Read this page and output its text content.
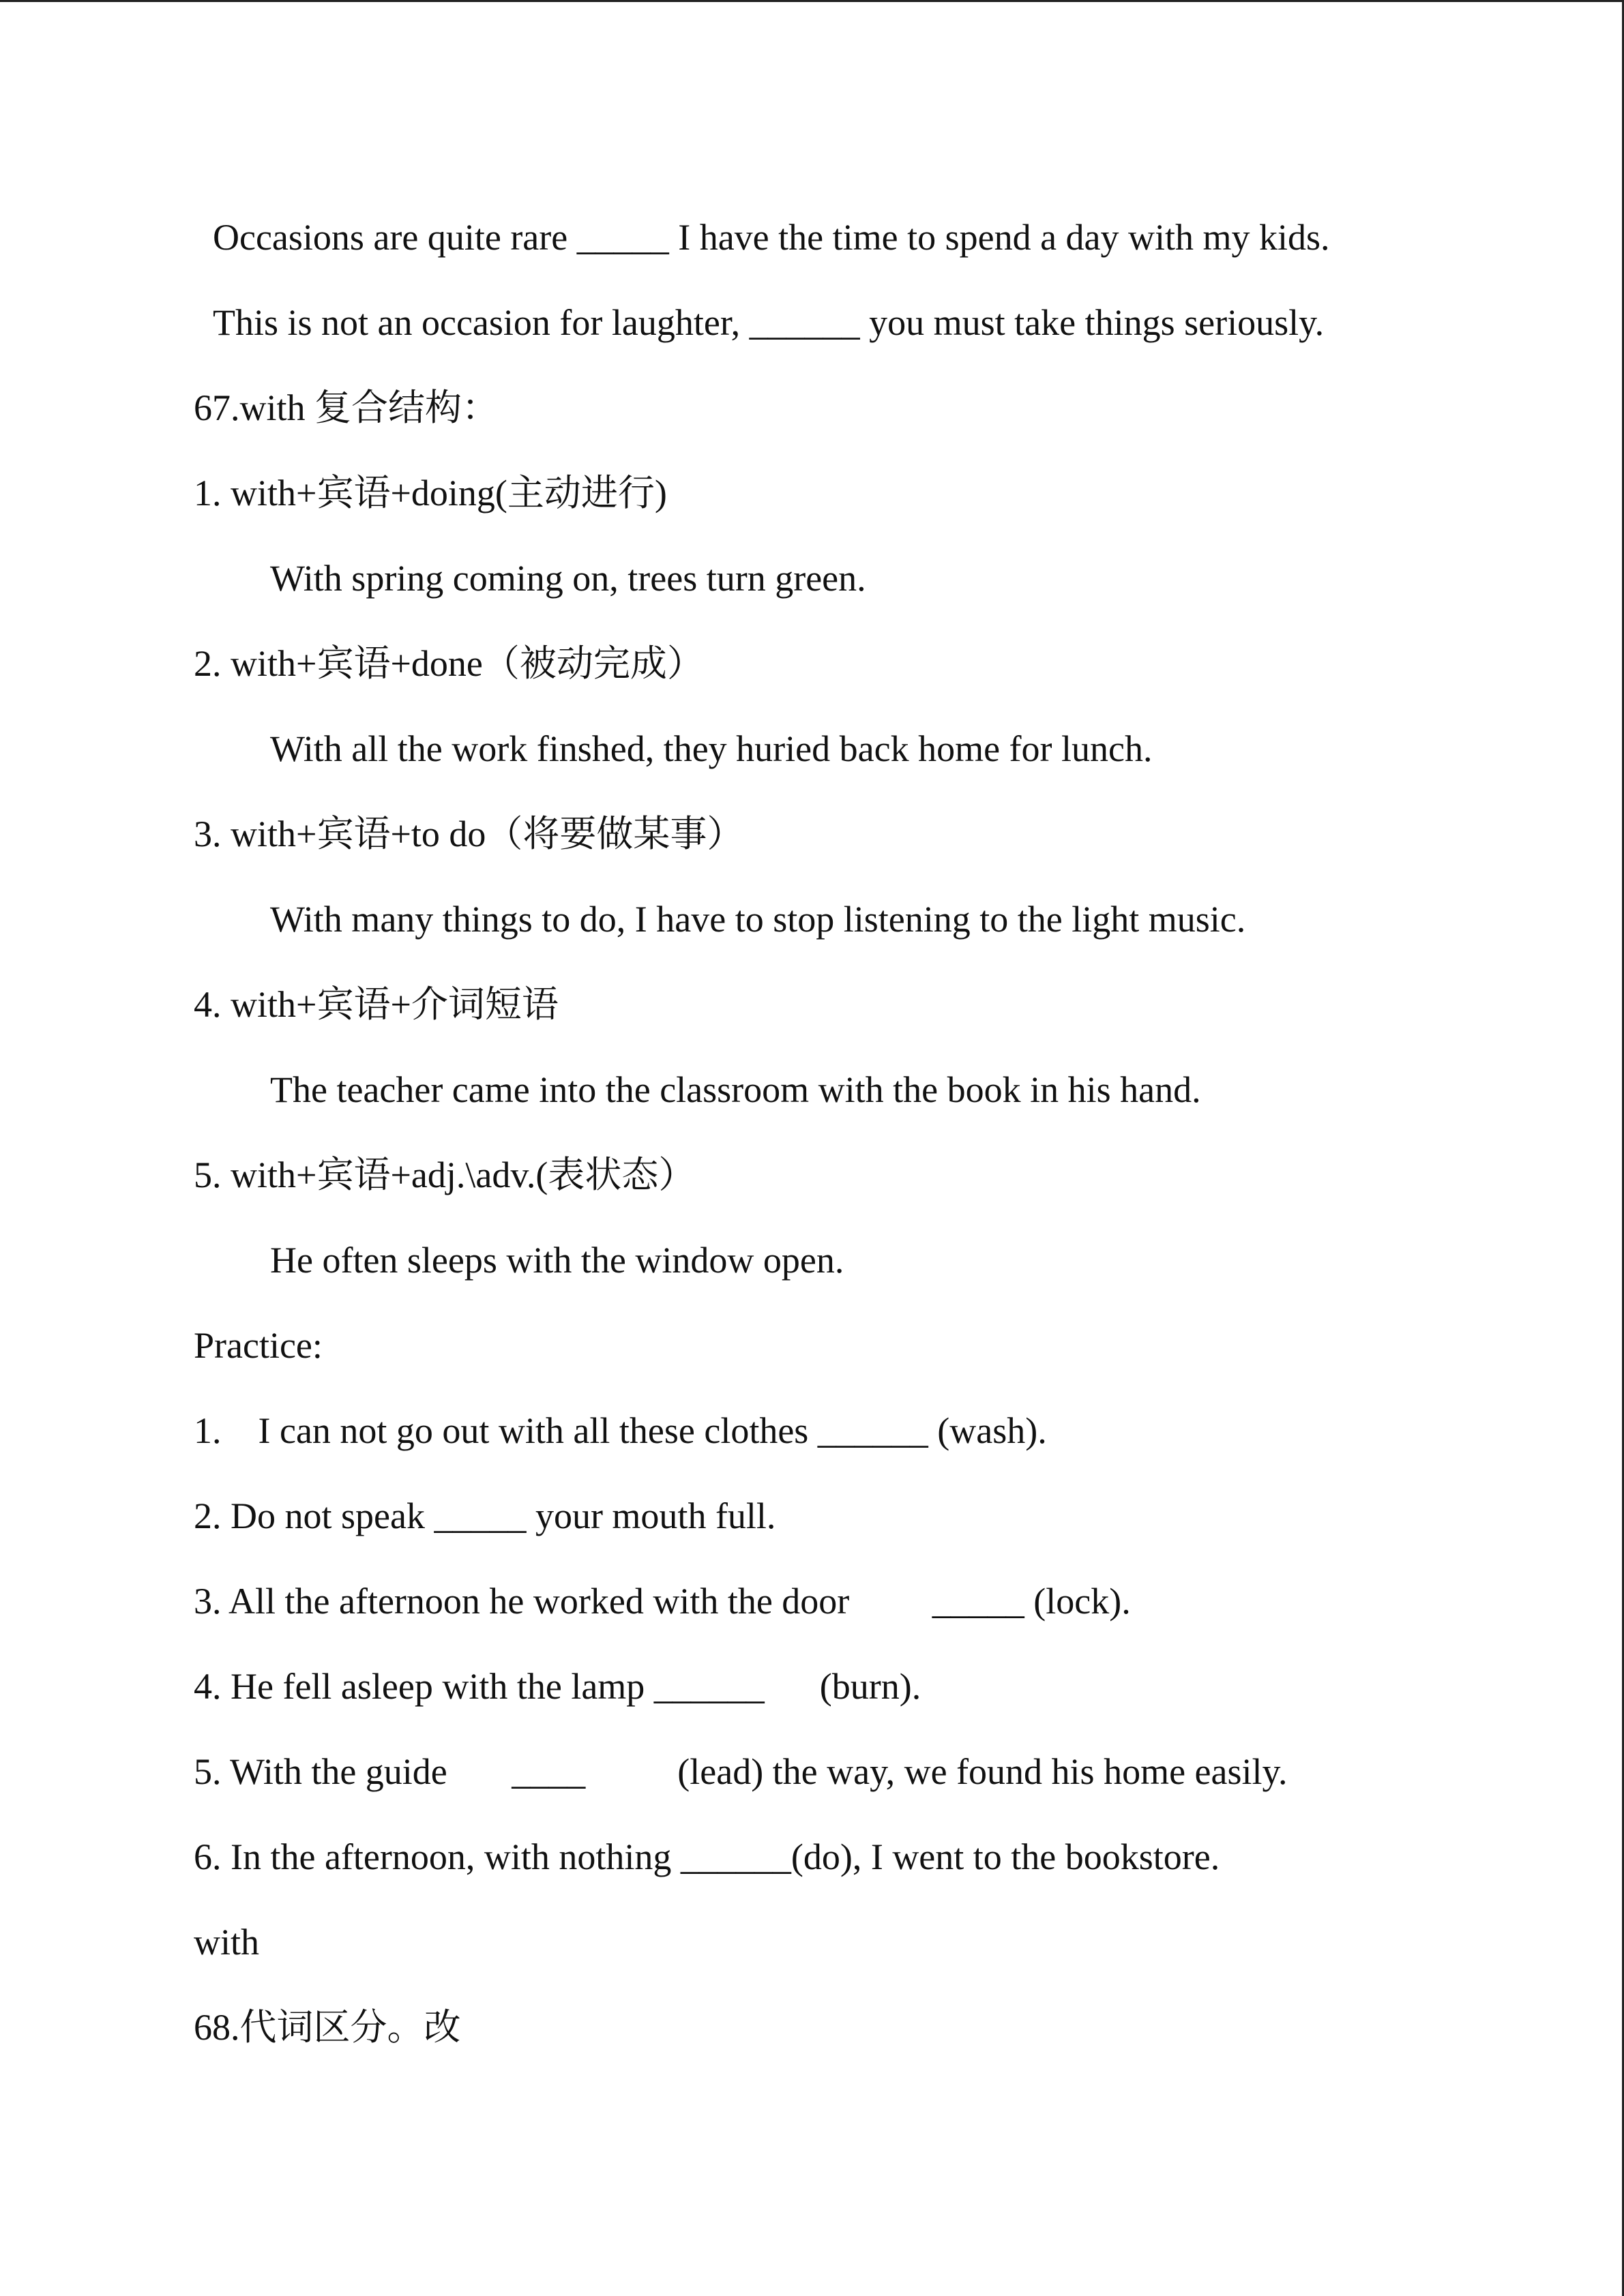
Occasions are quite rare _____ I have the time to spend a day with my kids.
This is not an occasion for laughter, ______ you must take things seriously.
67.with 复合结构：
1. with+宾语+doing(主动进行)
With spring coming on, trees turn green.
2. with+宾语+done（被动完成）
With all the work finshed, they huried back home for lunch.
3. with+宾语+to do（将要做某事）
With many things to do, I have to stop listening to the light music.
4. with+宾语+介词短语
The teacher came into the classroom with the book in his hand.
5. with+宾语+adj.\adv.(表状态）
He often sleeps with the window open.
Practice:
1.    I can not go out with all these clothes ______ (wash).
2. Do not speak _____ your mouth full.
3. All the afternoon he worked with the door         _____ (lock).
4. He fell asleep with the lamp ______      (burn).
5. With the guide       ____          (lead) the way, we found his home easily.
6. In the afternoon, with nothing ______(do), I went to the bookstore.
with
68.代词区分。改
